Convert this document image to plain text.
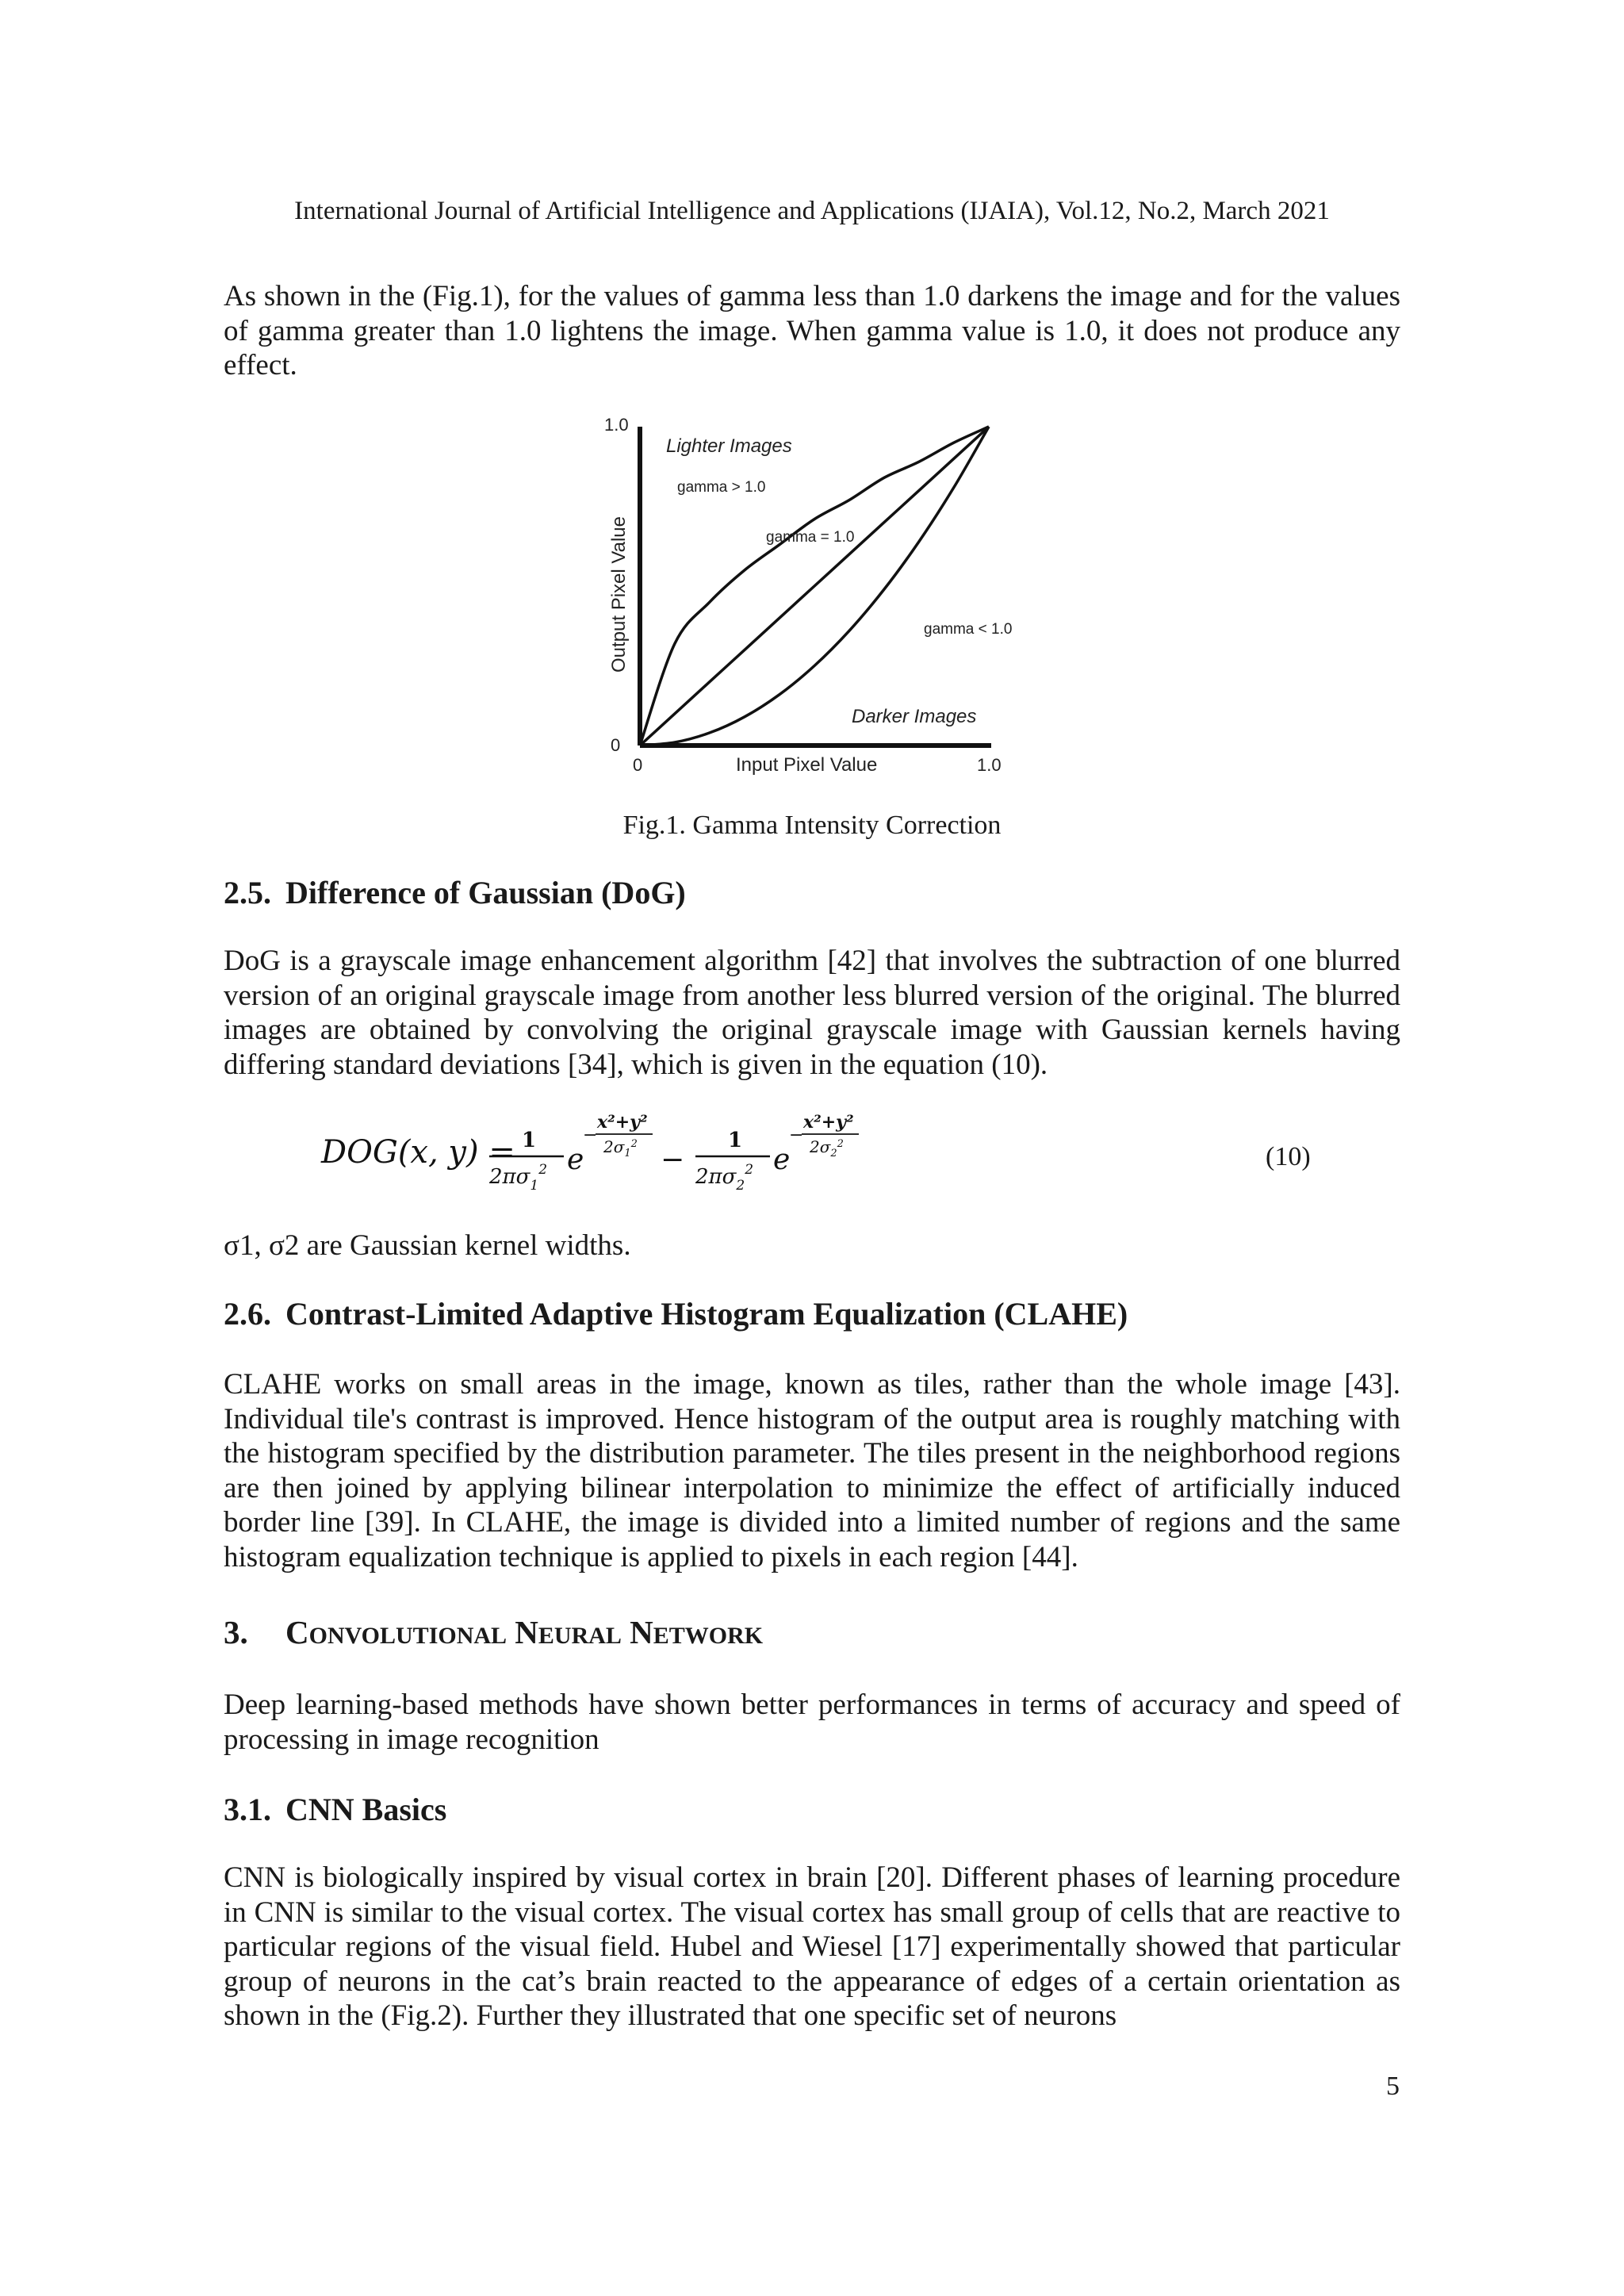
International Journal of Artificial Intelligence and Applications (IJAIA), Vol.12, No.2, March 2021

As shown in the (Fig.1), for the values of gamma less than 1.0 darkens the image and for the values of gamma greater than 1.0 lightens the image. When gamma value is 1.0, it does not produce any effect.

1.0
0
0	1.0
Input Pixel Value
Output Pixel Value
Lighter Images
gamma > 1.0
gamma = 1.0
gamma < 1.0
Darker Images
Fig.1. Gamma Intensity Correction
2.5. Difference of Gaussian (DoG)

DoG is a grayscale image enhancement algorithm [42] that involves the subtraction of one blurred version of an original grayscale image from another less blurred version of the original. The blurred images are obtained by convolving the original grayscale image with Gaussian kernels having differing standard deviations [34], which is given in the equation (10).

DOG(x, y) = 1
$2\pi\sigma_1^2$ e
−
x²+y²
$2\sigma_1^2$ −
1
$2\pi\sigma_2^2$ e
−
x²+y²
$2\sigma_2^2$	(10)

σ1, σ2 are Gaussian kernel widths.

2.6. Contrast-Limited Adaptive Histogram Equalization (CLAHE)

CLAHE works on small areas in the image, known as tiles, rather than the whole image [43]. Individual tile's contrast is improved. Hence histogram of the output area is roughly matching with the histogram specified by the distribution parameter. The tiles present in the neighborhood regions are then joined by applying bilinear interpolation to minimize the effect of artificially induced border line [39]. In CLAHE, the image is divided into a limited number of regions and the same histogram equalization technique is applied to pixels in each region [44].

3. CONVOLUTIONAL NEURAL NETWORK

Deep learning-based methods have shown better performances in terms of accuracy and speed of processing in image recognition

3.1. CNN Basics

CNN is biologically inspired by visual cortex in brain [20]. Different phases of learning procedure in CNN is similar to the visual cortex. The visual cortex has small group of cells that are reactive to particular regions of the visual field. Hubel and Wiesel [17] experimentally showed that particular group of neurons in the cat’s brain reacted to the appearance of edges of a certain orientation as shown in the (Fig.2). Further they illustrated that one specific set of neurons

5
